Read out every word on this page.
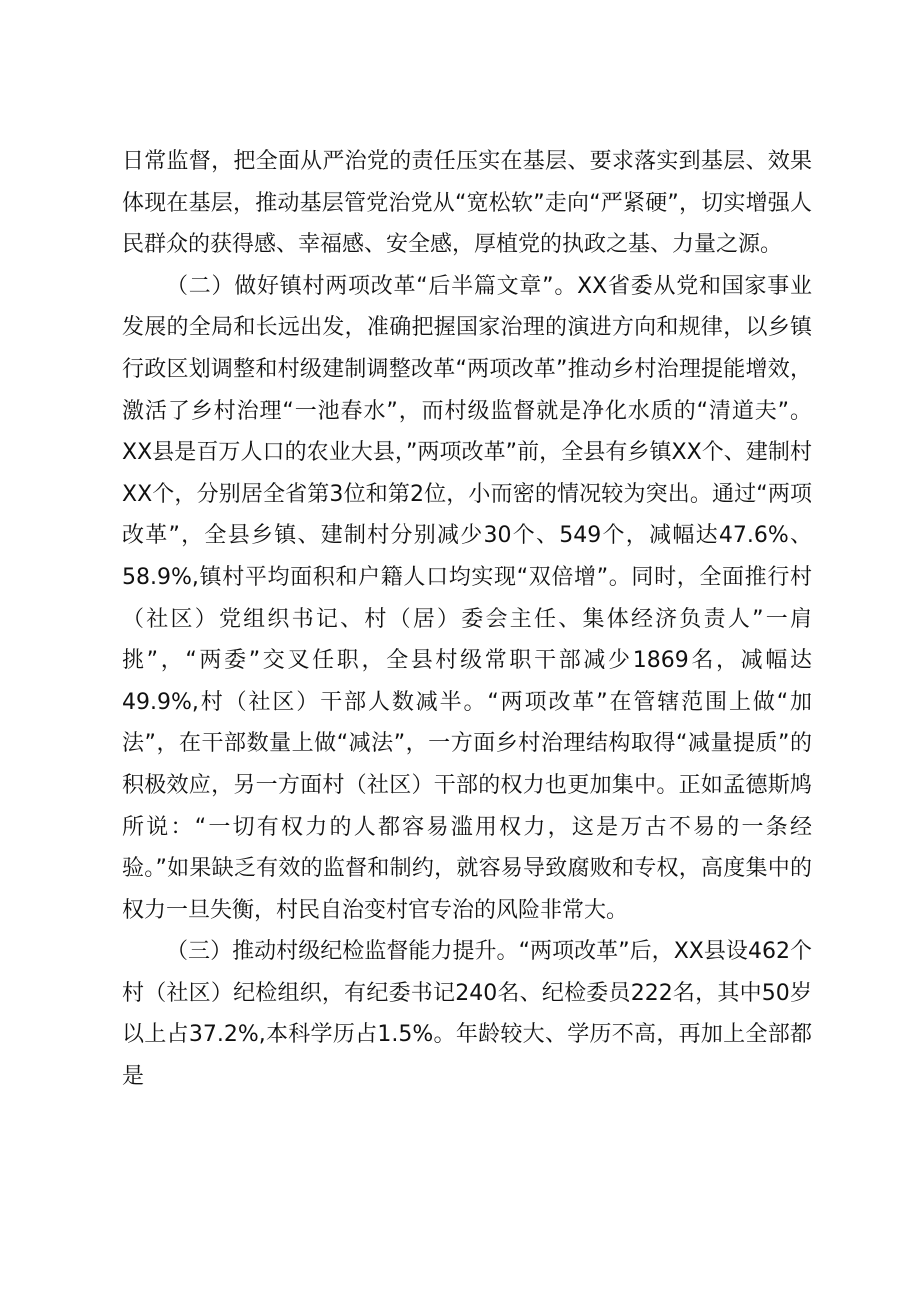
日常监督，把全面从严治党的责任压实在基层、要求落实到基层、效果体现在基层，推动基层管党治党从“宽松软”走向“严紧硬”，切实增强人民群众的获得感、幸福感、安全感，厚植党的执政之基、力量之源。

（二）做好镇村两项改革“后半篇文章”。XX省委从党和国家事业发展的全局和长远出发，准确把握国家治理的演进方向和规律，以乡镇行政区划调整和村级建制调整改革“两项改革”推动乡村治理提能增效，激活了乡村治理“一池春水”，而村级监督就是净化水质的“清道夫”。XX县是百万人口的农业大县，”两项改革”前，全县有乡镇XX个、建制村XX个，分别居全省第3位和第2位，小而密的情况较为突出。通过“两项改革”，全县乡镇、建制村分别减少30个、549个，减幅达47.6%、58.9%,镇村平均面积和户籍人口均实现“双倍增”。同时，全面推行村（社区）党组织书记、村（居）委会主任、集体经济负责人”一肩挑”，“两委”交叉任职，全县村级常职干部减少1869名，减幅达49.9%,村（社区）干部人数减半。“两项改革”在管辖范围上做“加法”，在干部数量上做“减法”，一方面乡村治理结构取得“减量提质”的积极效应，另一方面村（社区）干部的权力也更加集中。正如孟德斯鸠所说：“一切有权力的人都容易滥用权力，这是万古不易的一条经验。”如果缺乏有效的监督和制约，就容易导致腐败和专权，高度集中的权力一旦失衡，村民自治变村官专治的风险非常大。

（三）推动村级纪检监督能力提升。“两项改革”后，XX县设462个村（社区）纪检组织，有纪委书记240名、纪检委员222名，其中50岁以上占37.2%,本科学历占1.5%。年龄较大、学历不高，再加上全部都是
